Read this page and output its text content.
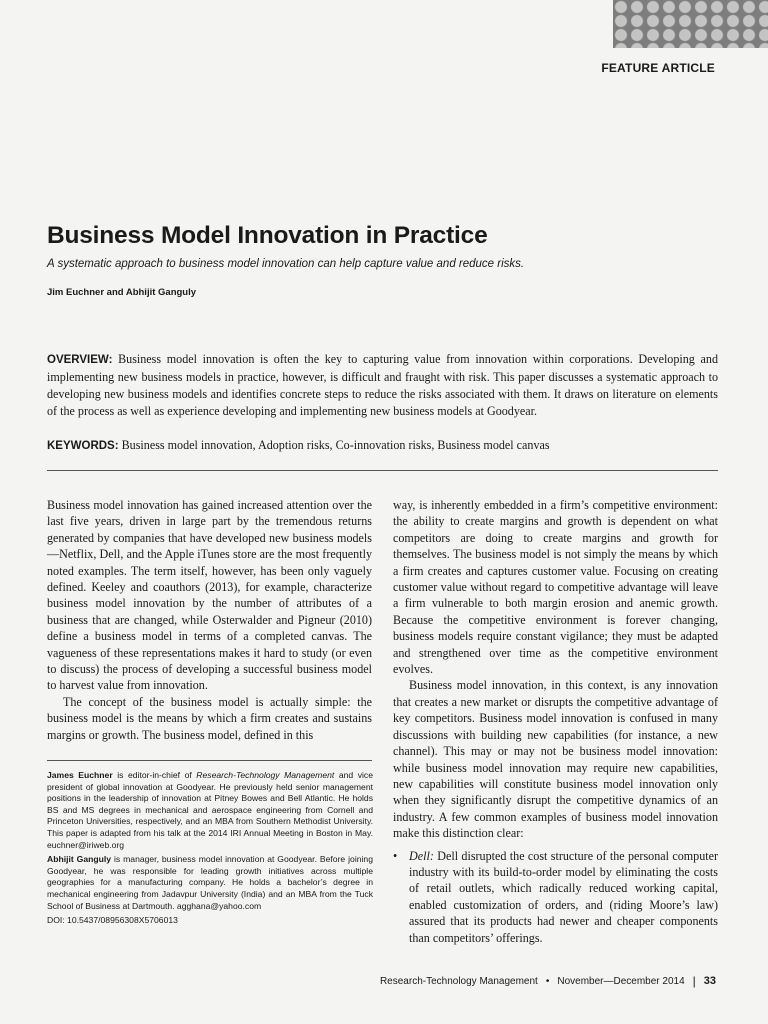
FEATURE ARTICLE
Business Model Innovation in Practice
A systematic approach to business model innovation can help capture value and reduce risks.
Jim Euchner and Abhijit Ganguly
OVERVIEW: Business model innovation is often the key to capturing value from innovation within corporations. Developing and implementing new business models in practice, however, is difficult and fraught with risk. This paper discusses a systematic approach to developing new business models and identifies concrete steps to reduce the risks associated with them. It draws on literature on elements of the process as well as experience developing and implementing new business models at Goodyear.
KEYWORDS: Business model innovation, Adoption risks, Co-innovation risks, Business model canvas

Business model innovation has gained increased attention over the last five years, driven in large part by the tremendous returns generated by companies that have developed new business models—Netflix, Dell, and the Apple iTunes store are the most frequently noted examples. The term itself, however, has been only vaguely defined. Keeley and coauthors (2013), for example, characterize business model innovation by the number of attributes of a business that are changed, while Osterwalder and Pigneur (2010) define a business model in terms of a completed canvas. The vagueness of these representations makes it hard to study (or even to discuss) the process of developing a successful business model to harvest value from innovation.

The concept of the business model is actually simple: the business model is the means by which a firm creates and sustains margins or growth. The business model, defined in this

way, is inherently embedded in a firm’s competitive environment: the ability to create margins and growth is dependent on what competitors are doing to create margins and growth for themselves. The business model is not simply the means by which a firm creates and captures customer value. Focusing on creating customer value without regard to competitive advantage will leave a firm vulnerable to both margin erosion and anemic growth. Because the competitive environment is forever changing, business models require constant vigilance; they must be adapted and strengthened over time as the competitive environment evolves.

Business model innovation, in this context, is any innovation that creates a new market or disrupts the competitive advantage of key competitors. Business model innovation is confused in many discussions with building new capabilities (for instance, a new channel). This may or may not be business model innovation: while business model innovation may require new capabilities, new capabilities will constitute business model innovation only when they significantly disrupt the competitive dynamics of an industry. A few common examples of business model innovation make this distinction clear:

• Dell: Dell disrupted the cost structure of the personal computer industry with its build-to-order model by eliminating the costs of retail outlets, which radically reduced working capital, enabled customization of orders, and (riding Moore’s law) assured that its products had newer and cheaper components than competitors’ offerings.

James Euchner is editor-in-chief of Research-Technology Management and vice president of global innovation at Goodyear. He previously held senior management positions in the leadership of innovation at Pitney Bowes and Bell Atlantic. He holds BS and MS degrees in mechanical and aerospace engineering from Cornell and Princeton Universities, respectively, and an MBA from Southern Methodist University. This paper is adapted from his talk at the 2014 IRI Annual Meeting in Boston in May. euchner@iriweb.org

Abhijit Ganguly is manager, business model innovation at Goodyear. Before joining Goodyear, he was responsible for leading growth initiatives across multiple geographies for a manufacturing company. He holds a bachelor’s degree in mechanical engineering from Jadavpur University (India) and an MBA from the Tuck School of Business at Dartmouth. agghana@yahoo.com

DOI: 10.5437/08956308X5706013

Research-Technology Management • November—December 2014 | 33
